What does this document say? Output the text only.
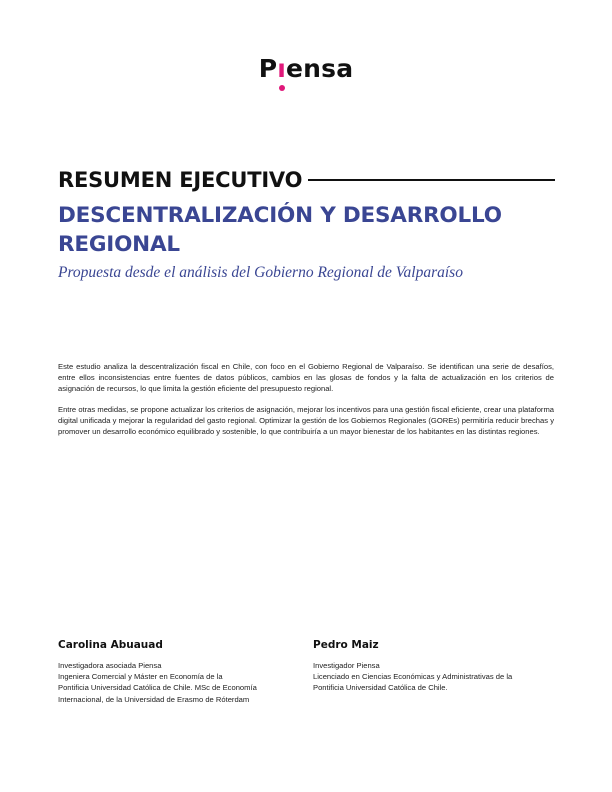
Pı
ensa
RESUMEN EJECUTIVO
DESCENTRALIZACIÓN Y DESARROLLO REGIONAL
Propuesta desde el análisis del Gobierno Regional de Valparaíso

Este estudio analiza la descentralización fiscal en Chile, con foco en el Gobierno Regional de Valparaíso. Se identifican una serie de desafíos, entre ellos inconsistencias entre fuentes de datos públicos, cambios en las glosas de fondos y la falta de actualización en los criterios de asignación de recursos, lo que limita la gestión eficiente del presupuesto regional.

Entre otras medidas, se propone actualizar los criterios de asignación, mejorar los incentivos para una gestión fiscal eficiente, crear una plataforma digital unificada y mejorar la regularidad del gasto regional. Optimizar la gestión de los Gobiernos Regionales (GOREs) permitiría reducir brechas y promover un desarrollo económico equilibrado y sostenible, lo que contribuiría a un mayor bienestar de los habitantes en las distintas regiones.

Carolina Abuauad
Investigadora asociada Piensa
Ingeniera Comercial y Máster en Economía de la
Pontificia Universidad Católica de Chile. MSc de Economía
Internacional, de la Universidad de Erasmo de Róterdam
Pedro Maiz
Investigador Piensa
Licenciado en Ciencias Económicas y Administrativas de la
Pontificia Universidad Católica de Chile.
